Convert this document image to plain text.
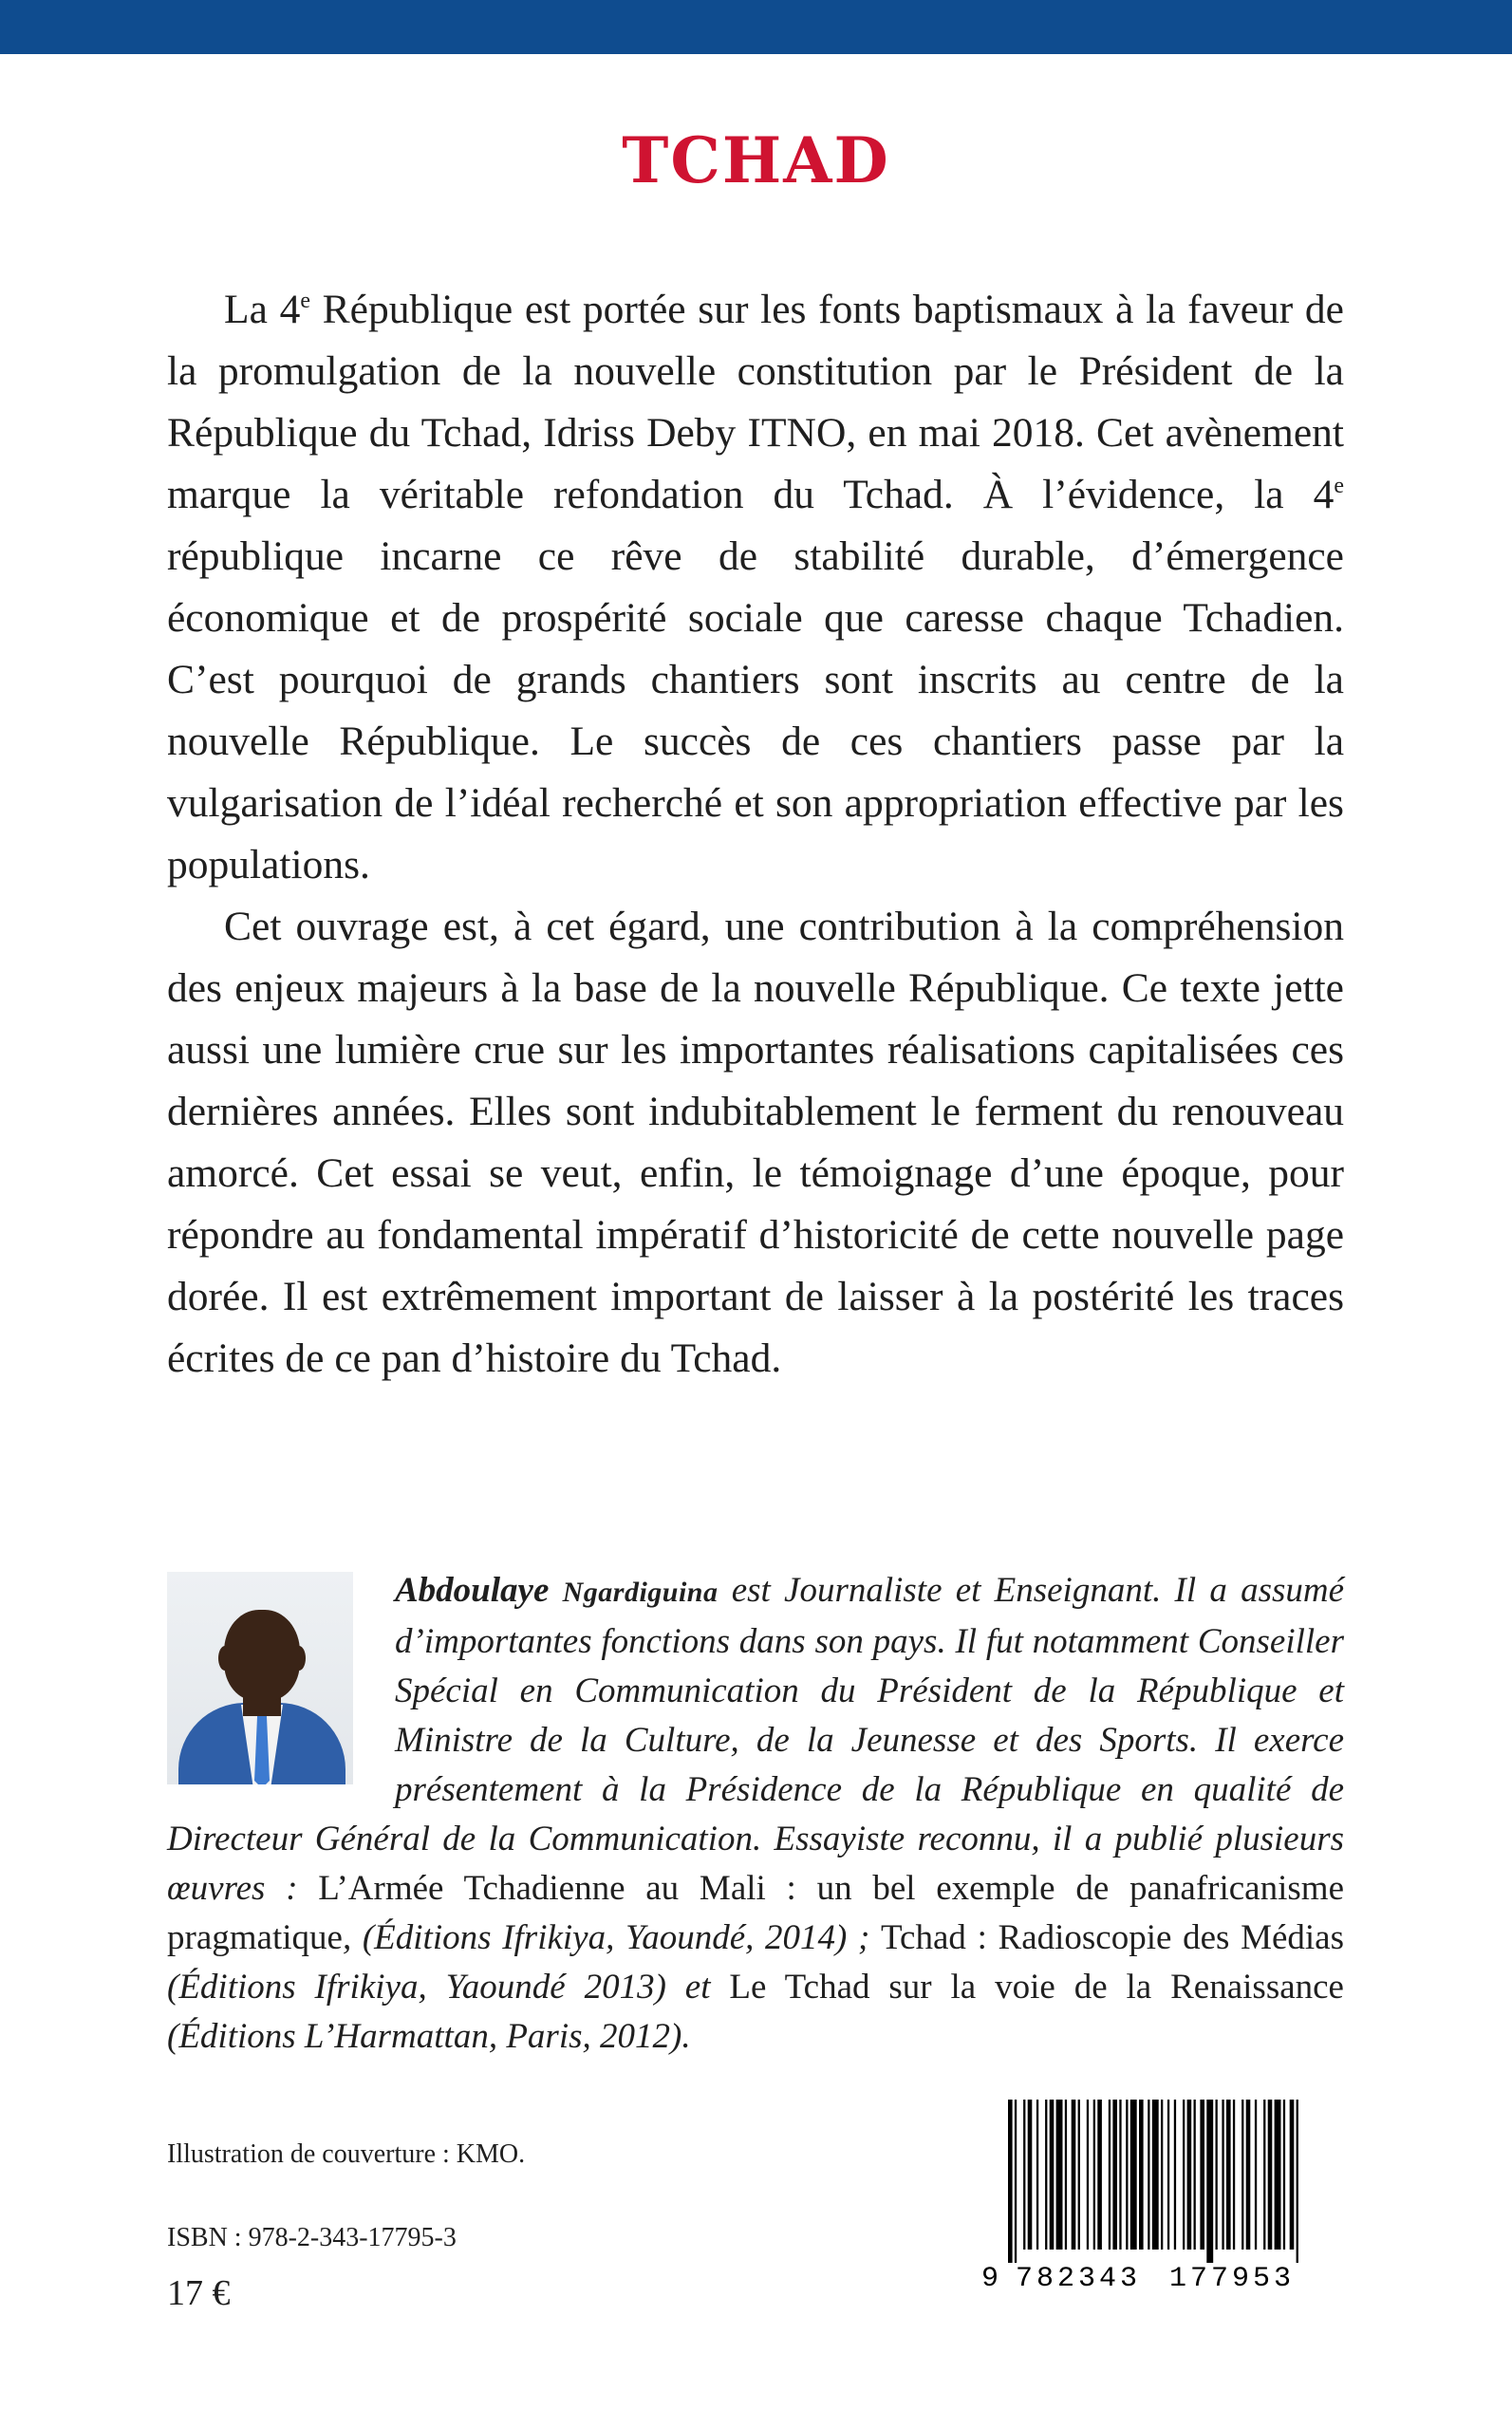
TCHAD

La 4e République est portée sur les fonts baptismaux à la faveur de la promulgation de la nouvelle constitution par le Président de la République du Tchad, Idriss Deby ITNO, en mai 2018. Cet avènement marque la véritable refondation du Tchad. À l’évidence, la 4e république incarne ce rêve de stabilité durable, d’émergence économique et de prospérité sociale que caresse chaque Tchadien. C’est pourquoi de grands chantiers sont inscrits au centre de la nouvelle République. Le succès de ces chantiers passe par la vulgarisation de l’idéal recherché et son appropriation effective par les populations.

Cet ouvrage est, à cet égard, une contribution à la compréhension des enjeux majeurs à la base de la nouvelle République. Ce texte jette aussi une lumière crue sur les importantes réalisations capitalisées ces dernières années. Elles sont indubitablement le ferment du renouveau amorcé. Cet essai se veut, enfin, le témoignage d’une époque, pour répondre au fondamental impératif d’historicité de cette nouvelle page dorée. Il est extrêmement important de laisser à la postérité les traces écrites de ce pan d’histoire du Tchad.

Abdoulaye Ngardiguina est Journaliste et Enseignant. Il a assumé d’importantes fonctions dans son pays. Il fut notamment Conseiller Spécial en Communication du Président de la République et Ministre de la Culture, de la Jeunesse et des Sports. Il exerce présentement à la Présidence de la République en qualité de Directeur Général de la Communication. Essayiste reconnu, il a publié plusieurs œuvres : L’Armée Tchadienne au Mali : un bel exemple de panafricanisme pragmatique, (Éditions Ifrikiya, Yaoundé, 2014) ; Tchad : Radioscopie des Médias (Éditions Ifrikiya, Yaoundé 2013) et Le Tchad sur la voie de la Renaissance (Éditions L’Harmattan, Paris, 2012).

Illustration de couverture : KMO.
ISBN : 978-2-343-17795-3
17 €	9 782343 177953
